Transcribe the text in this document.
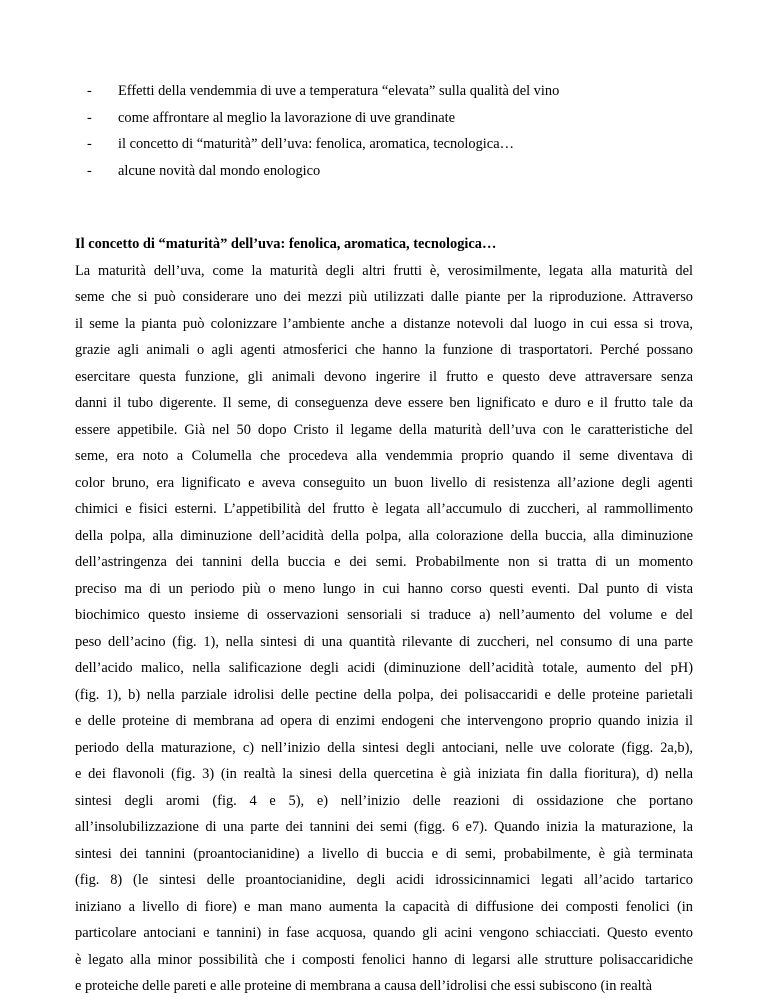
- Effetti della vendemmia di uve a temperatura “elevata” sulla qualità del vino
- come affrontare al meglio la lavorazione di uve grandinate
- il concetto di “maturità” dell’uva: fenolica, aromatica, tecnologica…
- alcune novità dal mondo enologico
Il concetto di “maturità” dell’uva: fenolica, aromatica, tecnologica…
La maturità dell’uva, come la maturità degli altri frutti è, verosimilmente, legata alla maturità del
seme che si può considerare uno dei mezzi più utilizzati dalle piante per la riproduzione. Attraverso
il seme la pianta può colonizzare l’ambiente anche a distanze notevoli dal luogo in cui essa si trova,
grazie agli animali o agli agenti atmosferici che hanno la funzione di trasportatori. Perché possano
esercitare questa funzione, gli animali devono ingerire il frutto e questo deve attraversare senza
danni il tubo digerente. Il seme, di conseguenza deve essere ben lignificato e duro e il frutto tale da
essere appetibile. Già nel 50 dopo Cristo il legame della maturità dell’uva con le caratteristiche del
seme, era noto a Columella che procedeva alla vendemmia proprio quando il seme diventava di
color bruno, era lignificato e aveva conseguito un buon livello di resistenza all’azione degli agenti
chimici e fisici esterni. L’appetibilità del frutto è legata all’accumulo di zuccheri, al rammollimento
della polpa, alla diminuzione dell’acidità della polpa, alla colorazione della buccia, alla diminuzione
dell’astringenza dei tannini della buccia e dei semi. Probabilmente non si tratta di un momento
preciso ma di un periodo più o meno lungo in cui hanno corso questi eventi. Dal punto di vista
biochimico questo insieme di osservazioni sensoriali si traduce a) nell’aumento del volume e del
peso dell’acino (fig. 1), nella sintesi di una quantità rilevante di zuccheri, nel consumo di una parte
dell’acido malico, nella salificazione degli acidi (diminuzione dell’acidità totale, aumento del pH)
(fig. 1), b) nella parziale idrolisi delle pectine della polpa, dei polisaccaridi e delle proteine parietali
e delle proteine di membrana ad opera di enzimi endogeni che intervengono proprio quando inizia il
periodo della maturazione, c) nell’inizio della sintesi degli antociani, nelle uve colorate (figg. 2a,b),
e dei flavonoli (fig. 3) (in realtà la sinesi della quercetina è già iniziata fin dalla fioritura), d) nella
sintesi degli aromi (fig. 4 e 5), e) nell’inizio delle reazioni di ossidazione che portano
all’insolubilizzazione di una parte dei tannini dei semi (figg. 6 e7). Quando inizia la maturazione, la
sintesi dei tannini (proantocianidine) a livello di buccia e di semi, probabilmente, è già terminata
(fig. 8) (le sintesi delle proantocianidine, degli acidi idrossicinnamici legati all’acido tartarico
iniziano a livello di fiore) e man mano aumenta la capacità di diffusione dei composti fenolici (in
particolare antociani e tannini) in fase acquosa, quando gli acini vengono schiacciati. Questo evento
è legato alla minor possibilità che i composti fenolici hanno di legarsi alle strutture polisaccaridiche
e proteiche delle pareti e alle proteine di membrana a causa dell’idrolisi che essi subiscono (in realtà
